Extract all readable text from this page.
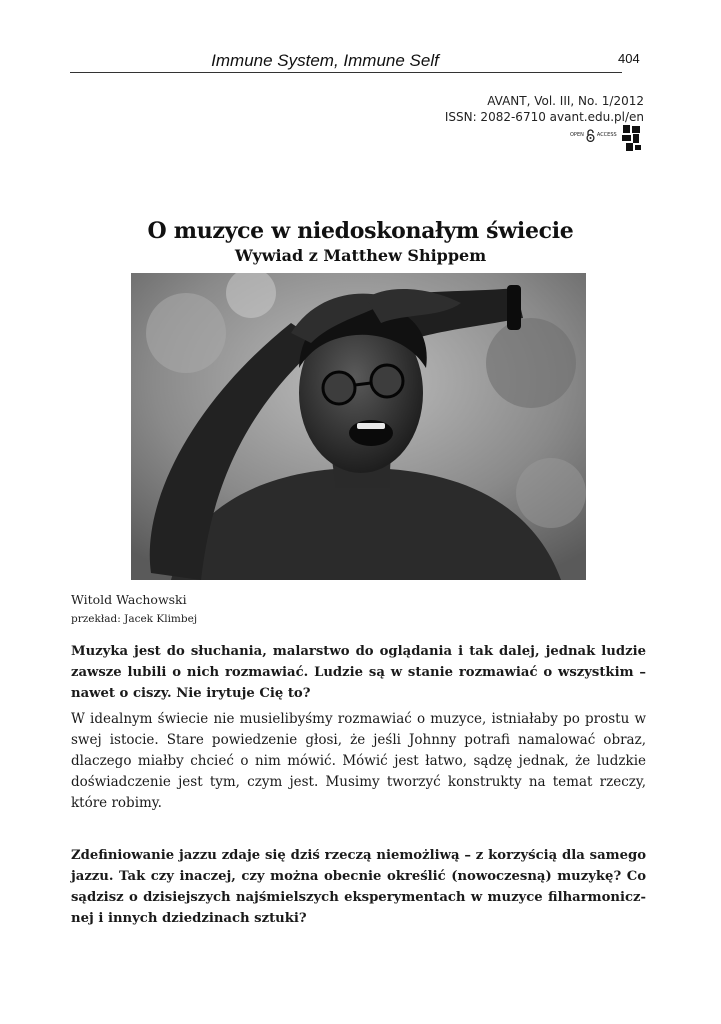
Immune System, Immune Self	404
AVANT, Vol. III, No. 1/2012
ISSN: 2082-6710 avant.edu.pl/en
OPEN	ACCESS
O muzyce w niedoskonałym świecie
Wywiad z Matthew Shippem
Witold Wachowski
przekład: Jacek Klimbej

Muzyka jest do słuchania, malarstwo do oglądania i tak dalej, jednak ludzie zawsze lubili o nich rozmawiać. Ludzie są w stanie rozmawiać o wszystkim – nawet o ciszy. Nie irytuje Cię to?

W idealnym świecie nie musielibyśmy rozmawiać o muzyce, istniałaby po prostu w swej istocie. Stare powiedzenie głosi, że jeśli Johnny potrafi namalować obraz, dlaczego miałby chcieć o nim mówić. Mówić jest łatwo, sądzę jednak, że ludzkie doświadczenie jest tym, czym jest. Musimy tworzyć konstrukty na temat rzeczy, które robimy.

Zdefiniowanie jazzu zdaje się dziś rzeczą niemożliwą – z korzyścią dla samego jazzu. Tak czy inaczej, czy można obecnie określić (nowoczesną) muzykę? Co sądzisz o dzisiejszych najśmielszych eksperymentach w muzyce filharmonicz-nej i innych dziedzinach sztuki?
